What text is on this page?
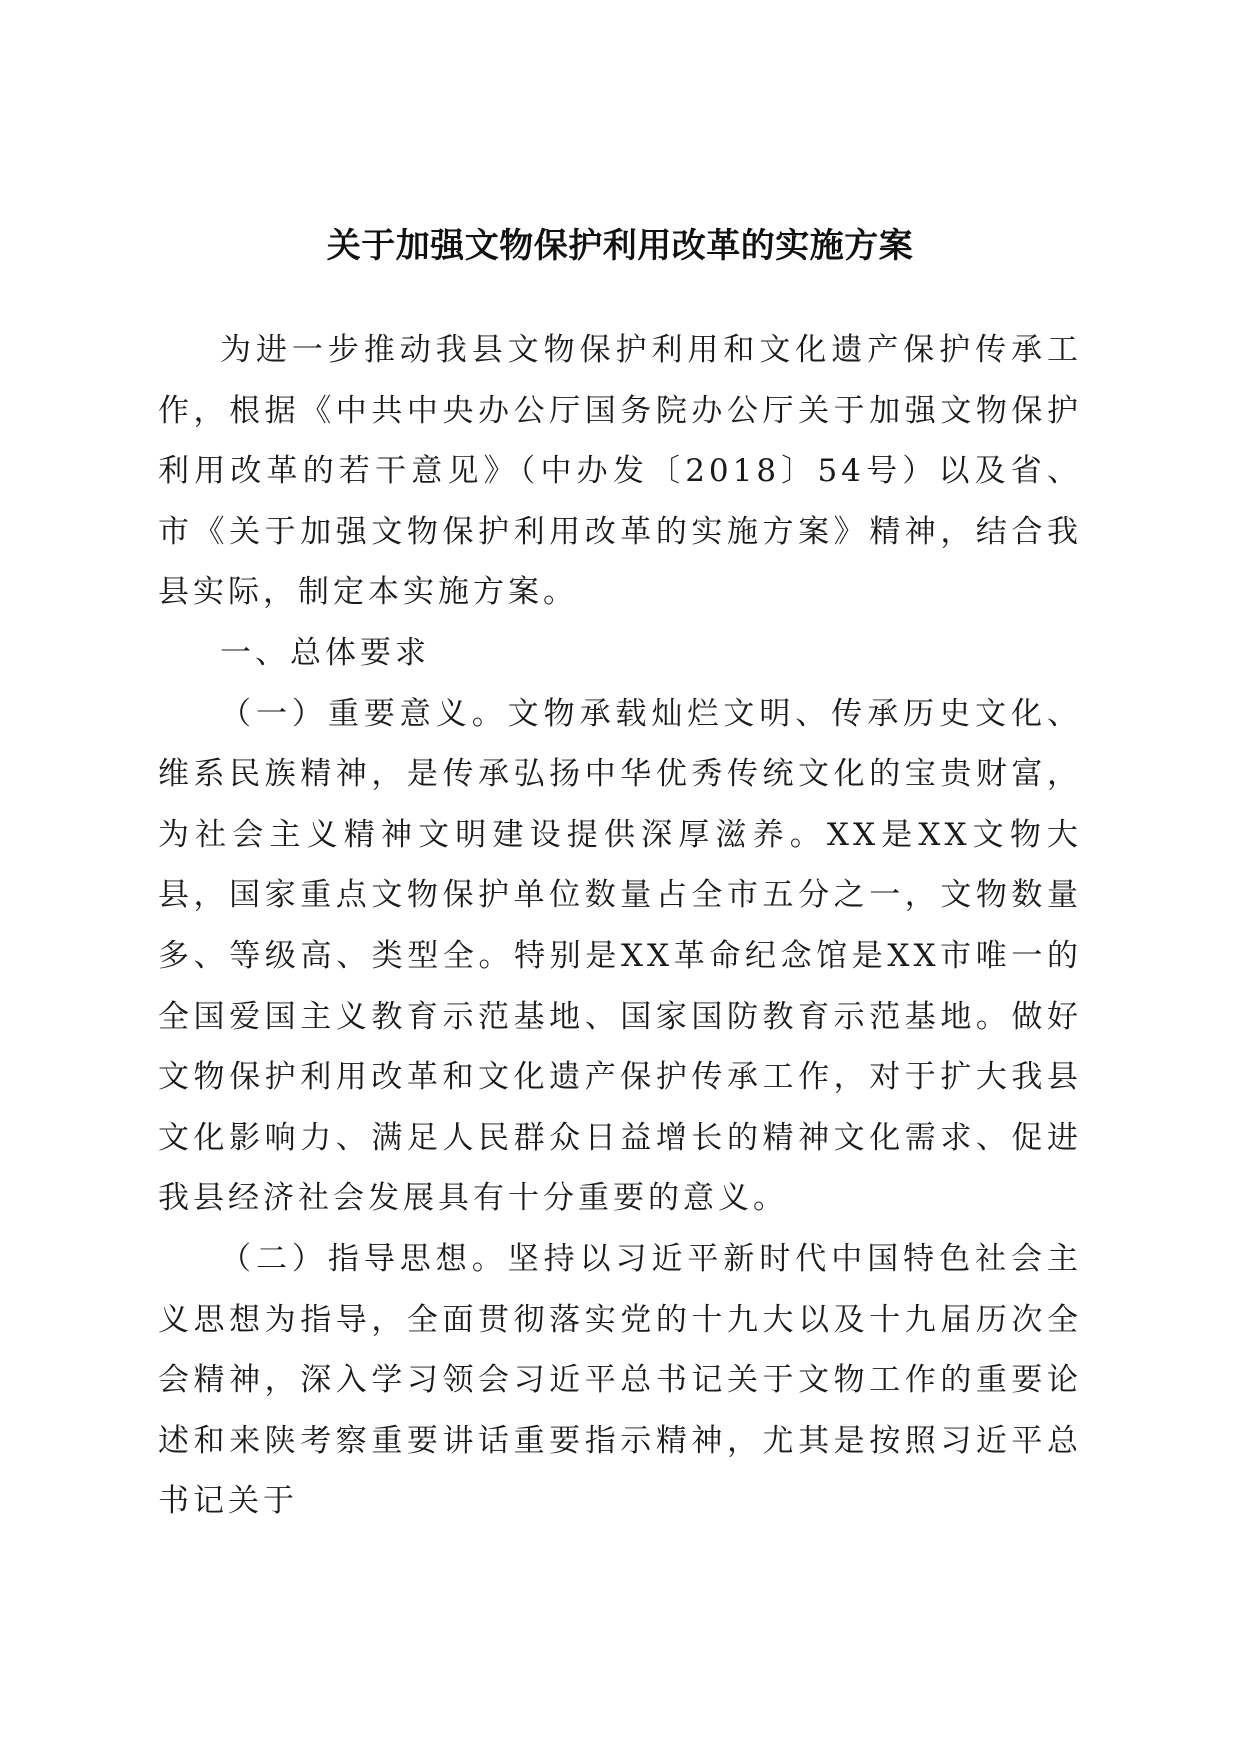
关于加强文物保护利用改革的实施方案

为进一步推动我县文物保护利用和文化遗产保护传承工作，根据《中共中央办公厅国务院办公厅关于加强文物保护利用改革的若干意见》（中办发〔2018〕54号）以及省、市《关于加强文物保护利用改革的实施方案》精神，结合我县实际，制定本实施方案。

一、总体要求

（一）重要意义。文物承载灿烂文明、传承历史文化、维系民族精神，是传承弘扬中华优秀传统文化的宝贵财富，为社会主义精神文明建设提供深厚滋养。XX是XX文物大县，国家重点文物保护单位数量占全市五分之一，文物数量多、等级高、类型全。特别是XX革命纪念馆是XX市唯一的全国爱国主义教育示范基地、国家国防教育示范基地。做好文物保护利用改革和文化遗产保护传承工作，对于扩大我县文化影响力、满足人民群众日益增长的精神文化需求、促进我县经济社会发展具有十分重要的意义。

（二）指导思想。坚持以习近平新时代中国特色社会主义思想为指导，全面贯彻落实党的十九大以及十九届历次全会精神，深入学习领会习近平总书记关于文物工作的重要论述和来陕考察重要讲话重要指示精神，尤其是按照习近平总书记关于
